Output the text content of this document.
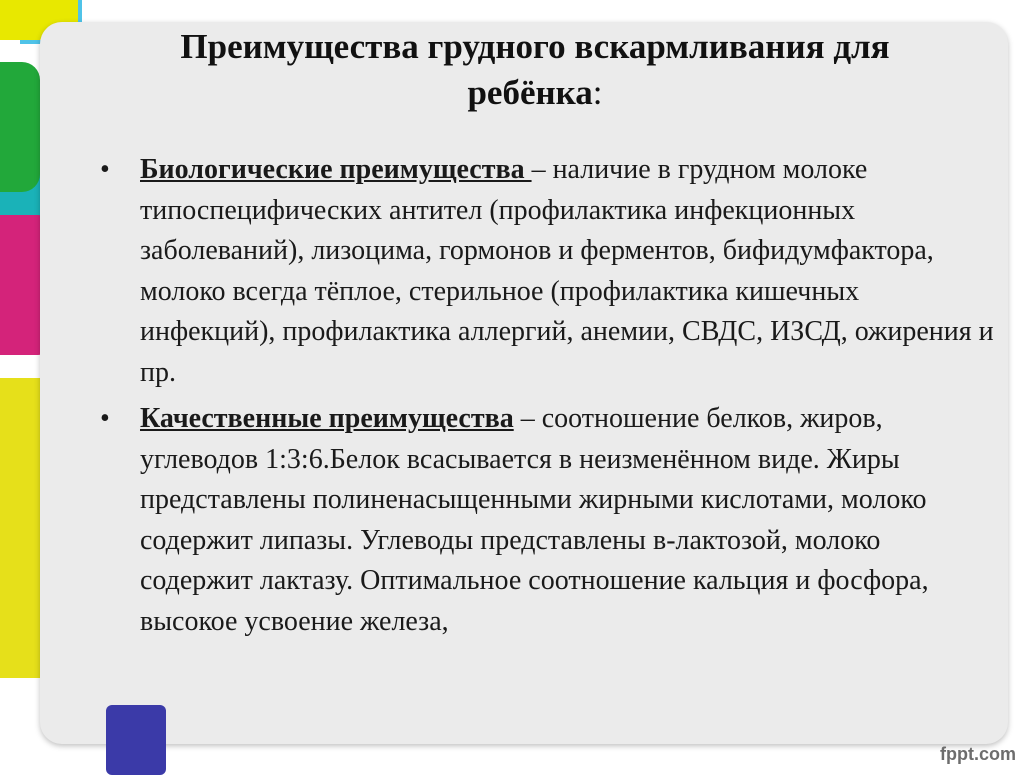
Преимущества грудного вскармливания для
ребёнка:
• Биологические преимущества – наличие в грудном молоке типоспецифических антител (профилактика инфекционных заболеваний), лизоцима, гормонов и ферментов, бифидумфактора, молоко всегда тёплое, стерильное (профилактика кишечных инфекций), профилактика аллергий, анемии, СВДС, ИЗСД, ожирения и пр.
• Качественные преимущества – соотношение белков, жиров, углеводов 1:3:6.Белок всасывается в неизменённом виде. Жиры представлены полиненасыщенными жирными кислотами, молоко содержит липазы. Углеводы представлены в-лактозой, молоко содержит лактазу. Оптимальное соотношение кальция и фосфора, высокое усвоение железа,
fppt.com
